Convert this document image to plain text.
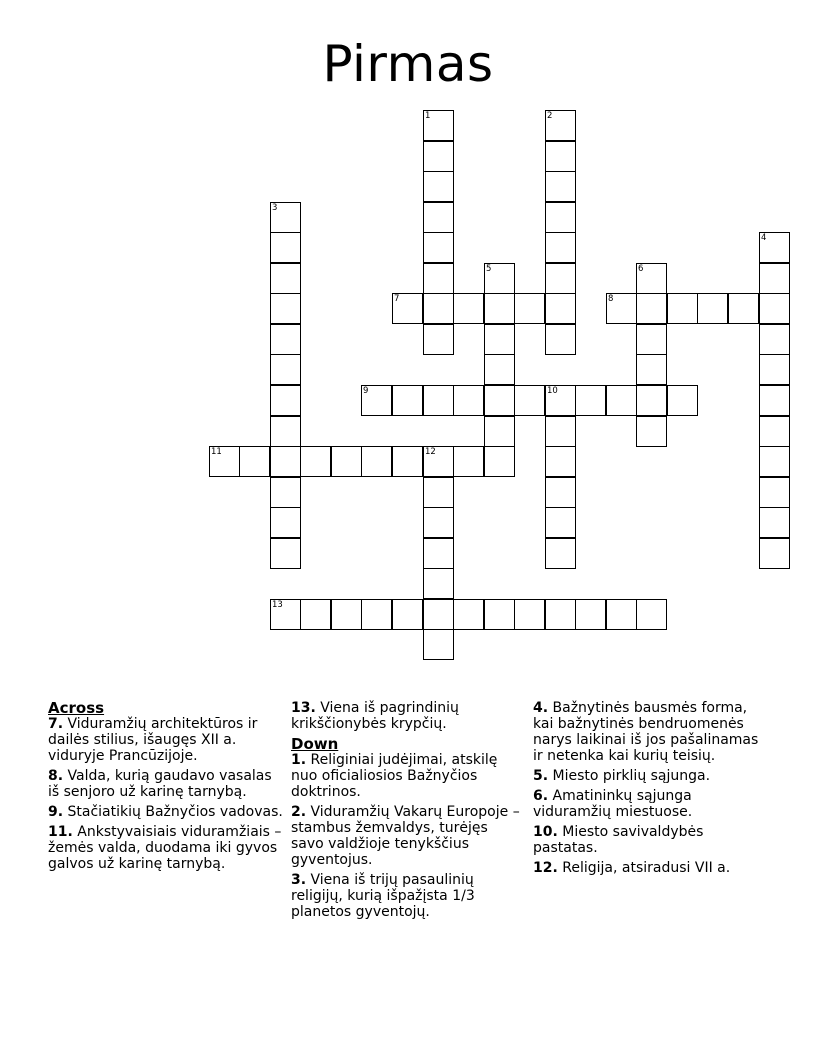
Pirmas
7	8
9	10
11	12
13
1	2
3
4
5	6
Across
7. Viduramžių architektūros ir dailės stilius, išaugęs XII a. viduryje Prancūzijoje.
8. Valda, kurią gaudavo vasalas iš senjoro už karinę tarnybą.
9. Stačiatikių Bažnyčios vadovas.
11. Ankstyvaisiais viduramžiais – žemės valda, duodama iki gyvos galvos už karinę tarnybą.
13. Viena iš pagrindinių krikščionybės krypčių.
Down
1. Religiniai judėjimai, atskilę nuo oficialiosios Bažnyčios doktrinos.
2. Viduramžių Vakarų Europoje – stambus žemvaldys, turėjęs savo valdžioje tenykščius gyventojus.
3. Viena iš trijų pasaulinių religijų, kurią išpažįsta 1/3 planetos gyventojų.
4. Bažnytinės bausmės forma, kai bažnytinės bendruomenės narys laikinai iš jos pašalinamas ir netenka kai kurių teisių.
5. Miesto pirklių sąjunga.
6. Amatininkų sąjunga viduramžių miestuose.
10. Miesto savivaldybės pastatas.
12. Religija, atsiradusi VII a.
